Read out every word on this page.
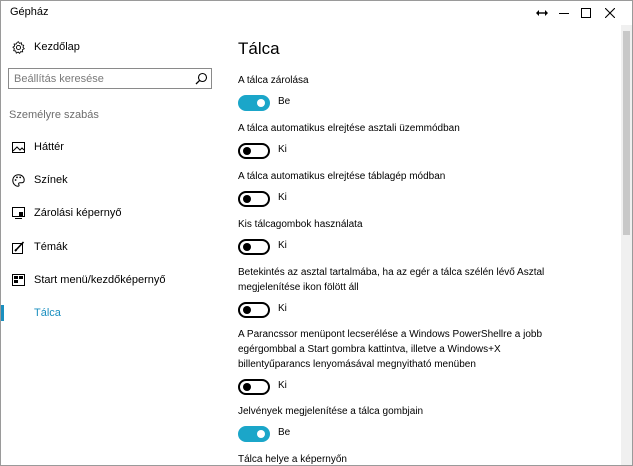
Gépház
Kezdőlap
Beállítás keresése
Személyre szabás
Háttér
Színek
Zárolási képernyő
Témák
Start menü/kezdőképernyő
Tálca
Tálca
A tálca zárolása
Be
A tálca automatikus elrejtése asztali üzemmódban
Ki
A tálca automatikus elrejtése táblagép módban
Ki
Kis tálcagombok használata
Ki
Betekintés az asztal tartalmába, ha az egér a tálca szélén lévő Asztal megjelenítése ikon fölött áll
Ki
A Parancssor menüpont lecserélése a Windows PowerShellre a jobb egérgombbal a Start gombra kattintva, illetve a Windows+X billentyűparancs lenyomásával megnyitható menüben
Ki
Jelvények megjelenítése a tálca gombjain
Be
Tálca helye a képernyőn
